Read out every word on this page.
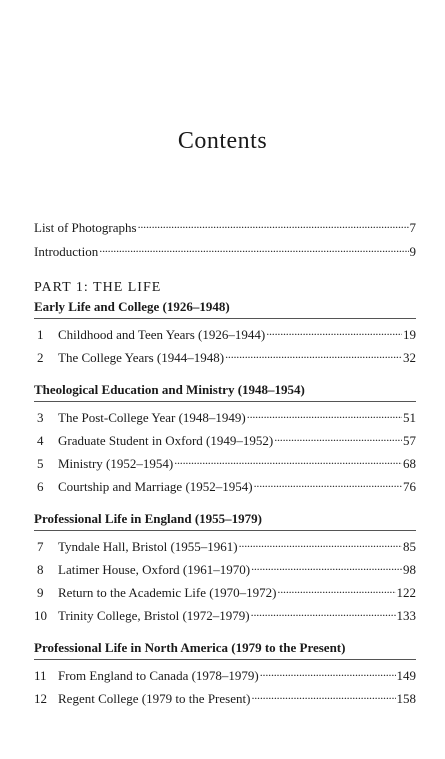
Contents
List of Photographs . . .	7
Introduction . . .	9
PART 1: THE LIFE
Early Life and College (1926–1948)
1	Childhood and Teen Years (1926–1944) . . .	19
2	The College Years (1944–1948) . . .	32
Theological Education and Ministry (1948–1954)
3	The Post-College Year (1948–1949) . . .	51
4	Graduate Student in Oxford (1949–1952) . . .	57
5	Ministry (1952–1954) . . .	68
6	Courtship and Marriage (1952–1954) . . .	76
Professional Life in England (1955–1979)
7	Tyndale Hall, Bristol (1955–1961) . . .	85
8	Latimer House, Oxford (1961–1970) . . .	98
9	Return to the Academic Life (1970–1972) . . .	122
10 Trinity College, Bristol (1972–1979) . . .	133
Professional Life in North America (1979 to the Present)
11 From England to Canada (1978–1979) . . .	149
12 Regent College (1979 to the Present) . . .	158
